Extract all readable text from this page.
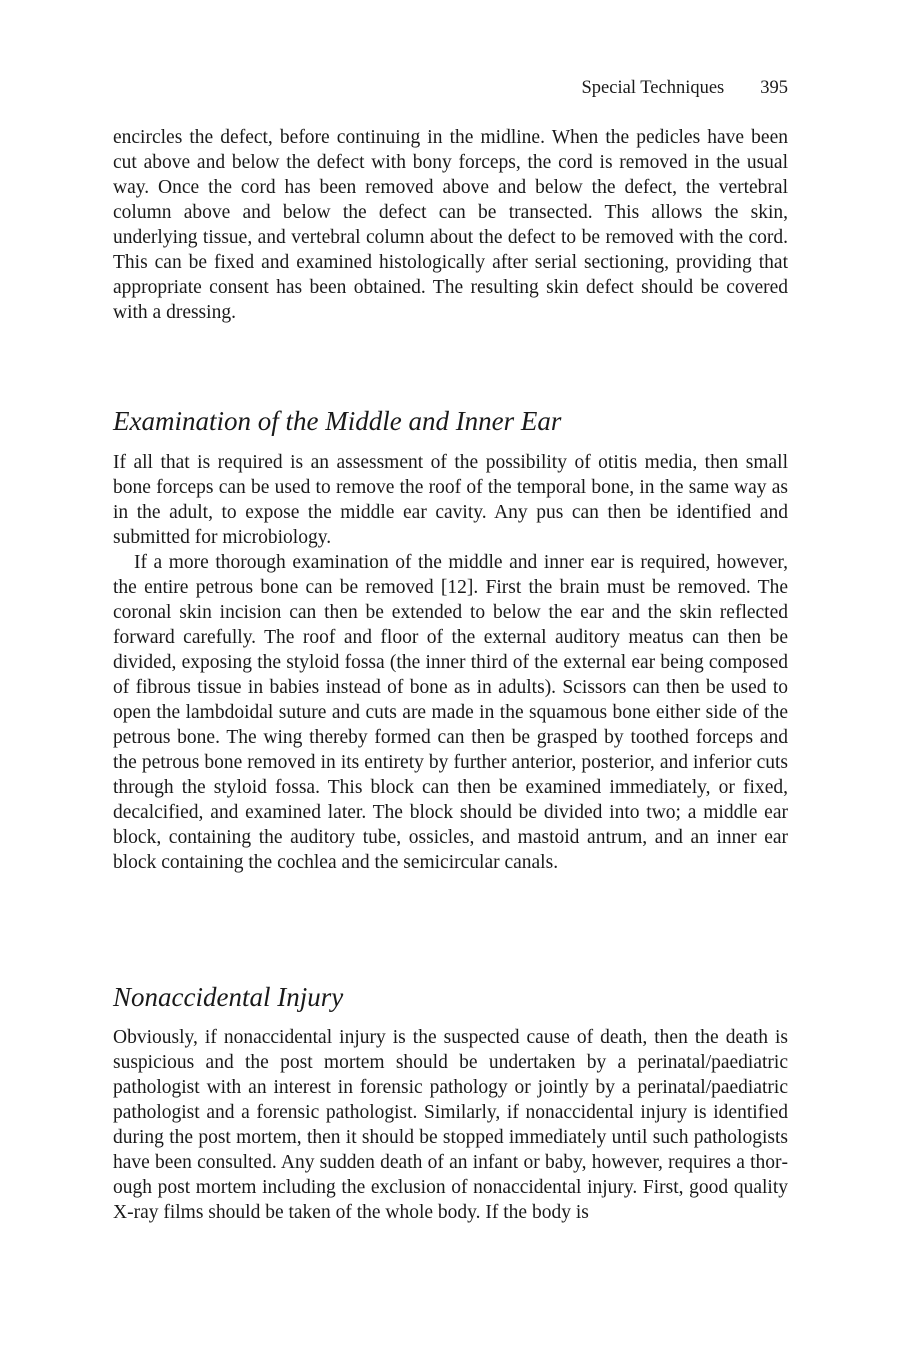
Special Techniques 395

encircles the defect, before continuing in the midline. When the pedicles have been cut above and below the defect with bony forceps, the cord is removed in the usual way. Once the cord has been removed above and below the defect, the vertebral column above and below the defect can be transected. This allows the skin, underlying tissue, and vertebral column about the defect to be removed with the cord. This can be fixed and examined histologically after serial sectioning, providing that appropriate consent has been obtained. The resulting skin defect should be covered with a dressing.

Examination of the Middle and Inner Ear

If all that is required is an assessment of the possibility of otitis media, then small bone forceps can be used to remove the roof of the temporal bone, in the same way as in the adult, to expose the middle ear cavity. Any pus can then be identified and submitted for microbiology.

If a more thorough examination of the middle and inner ear is required, however, the entire petrous bone can be removed [12]. First the brain must be removed. The coronal skin incision can then be extended to below the ear and the skin reflected forward carefully. The roof and floor of the external auditory meatus can then be divided, exposing the styloid fossa (the inner third of the external ear being composed of fibrous tissue in babies instead of bone as in adults). Scissors can then be used to open the lambdoidal suture and cuts are made in the squamous bone either side of the petrous bone. The wing thereby formed can then be grasped by toothed forceps and the petrous bone removed in its entirety by further anterior, posterior, and inferior cuts through the styloid fossa. This block can then be examined immediately, or fixed, decalcified, and examined later. The block should be divided into two; a middle ear block, containing the auditory tube, ossicles, and mastoid antrum, and an inner ear block containing the cochlea and the semicircular canals.

Nonaccidental Injury

Obviously, if nonaccidental injury is the suspected cause of death, then the death is suspicious and the post mortem should be undertaken by a perinatal/paediatric pathologist with an interest in forensic pathology or jointly by a perinatal/paediatric pathologist and a forensic pathologist. Similarly, if nonaccidental injury is identified during the post mortem, then it should be stopped immediately until such pathologists have been consulted. Any sudden death of an infant or baby, however, requires a thorough post mortem including the exclusion of nonaccidental injury. First, good quality X-ray films should be taken of the whole body. If the body is
